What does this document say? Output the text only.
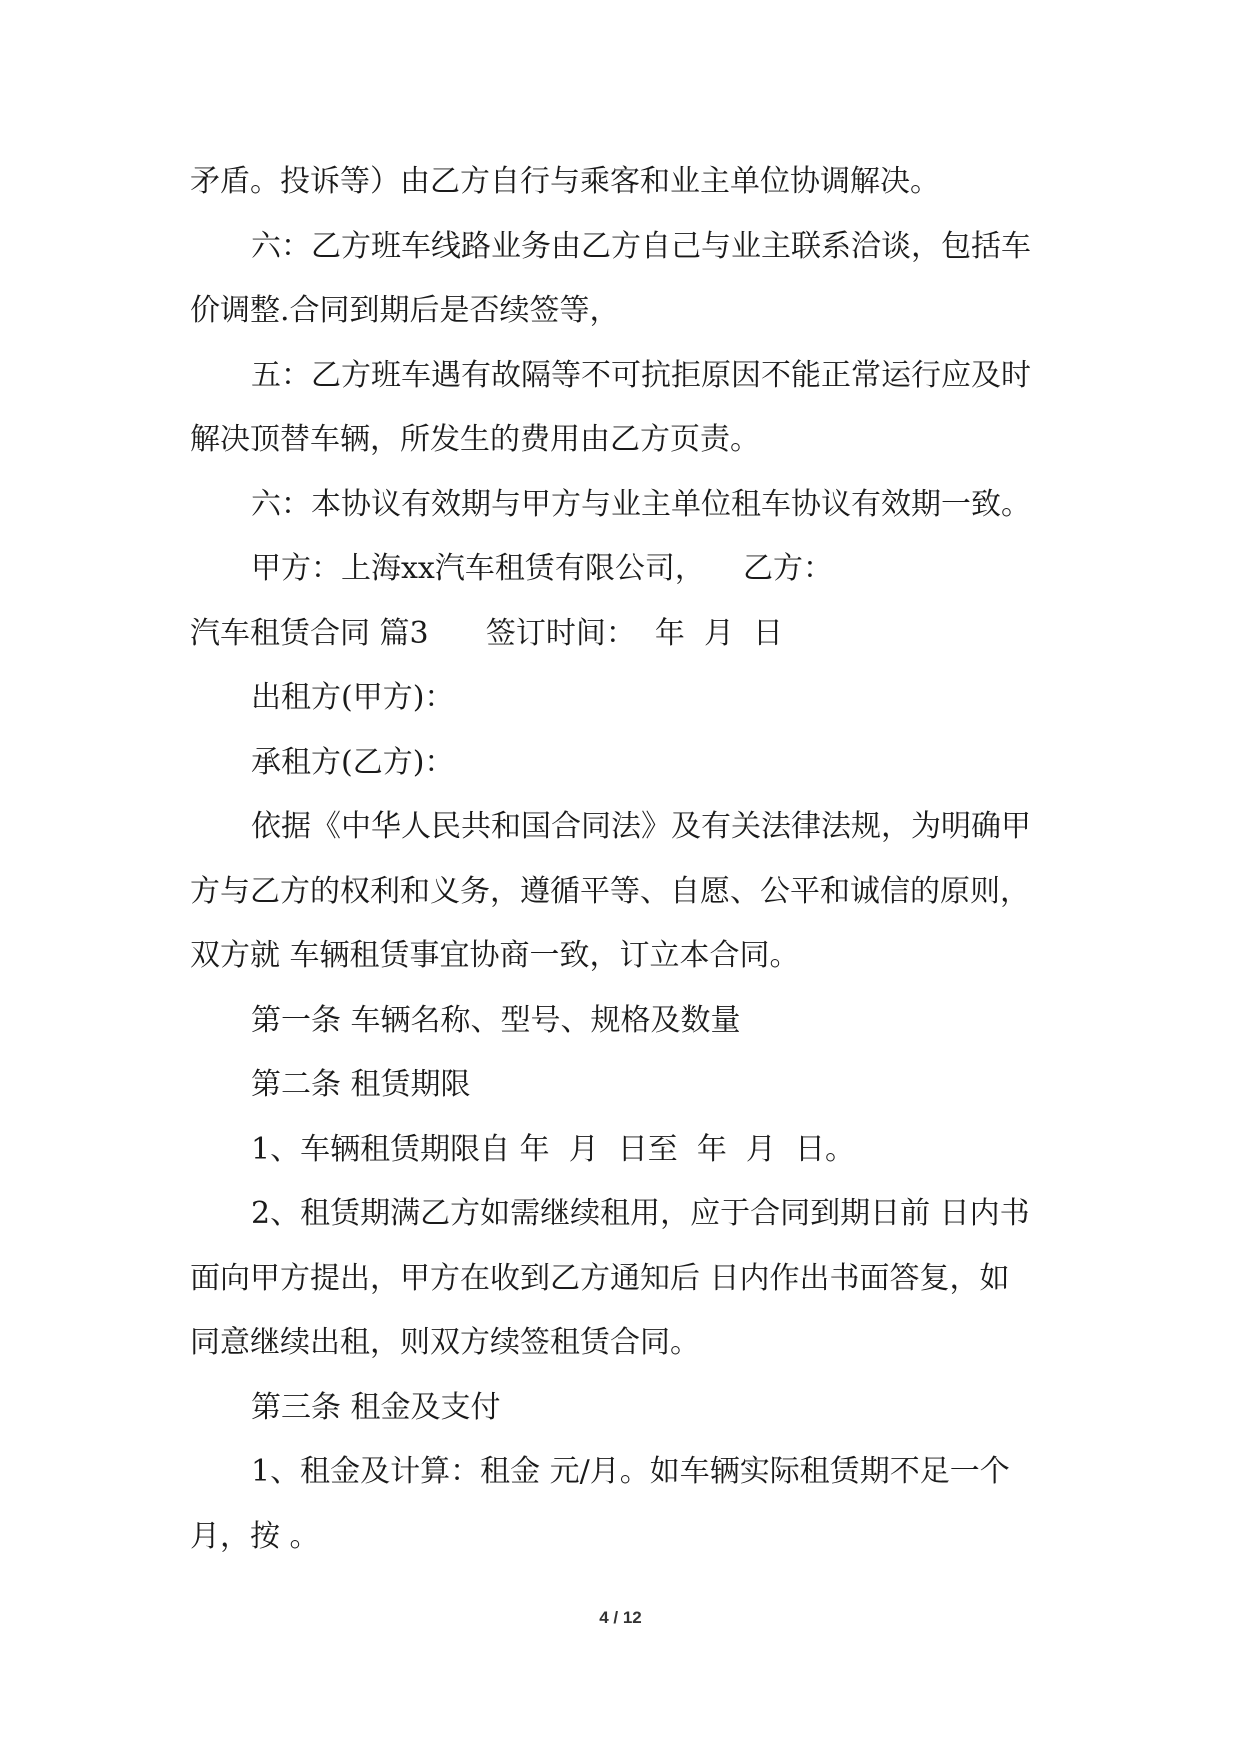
矛盾。投诉等）由乙方自行与乘客和业主单位协调解决。
六：乙方班车线路业务由乙方自己与业主联系洽谈，包括车
价调整.合同到期后是否续签等，
五：乙方班车遇有故隔等不可抗拒原因不能正常运行应及时
解决顶替车辆，所发生的费用由乙方页责。
六：本协议有效期与甲方与业主单位租车协议有效期一致。
甲方：上海xx汽车租赁有限公司，    乙方：
汽车租赁合同 篇3      签订时间：  年  月  日
出租方(甲方)：
承租方(乙方)：
依据《中华人民共和国合同法》及有关法律法规，为明确甲
方与乙方的权利和义务，遵循平等、自愿、公平和诚信的原则，
双方就 车辆租赁事宜协商一致，订立本合同。
第一条 车辆名称、型号、规格及数量
第二条 租赁期限
1、车辆租赁期限自 年  月  日至  年  月  日。
2、租赁期满乙方如需继续租用，应于合同到期日前 日内书
面向甲方提出，甲方在收到乙方通知后 日内作出书面答复，如
同意继续出租，则双方续签租赁合同。
第三条 租金及支付
1、租金及计算：租金 元/月。如车辆实际租赁期不足一个
月，按 。
4 / 12
